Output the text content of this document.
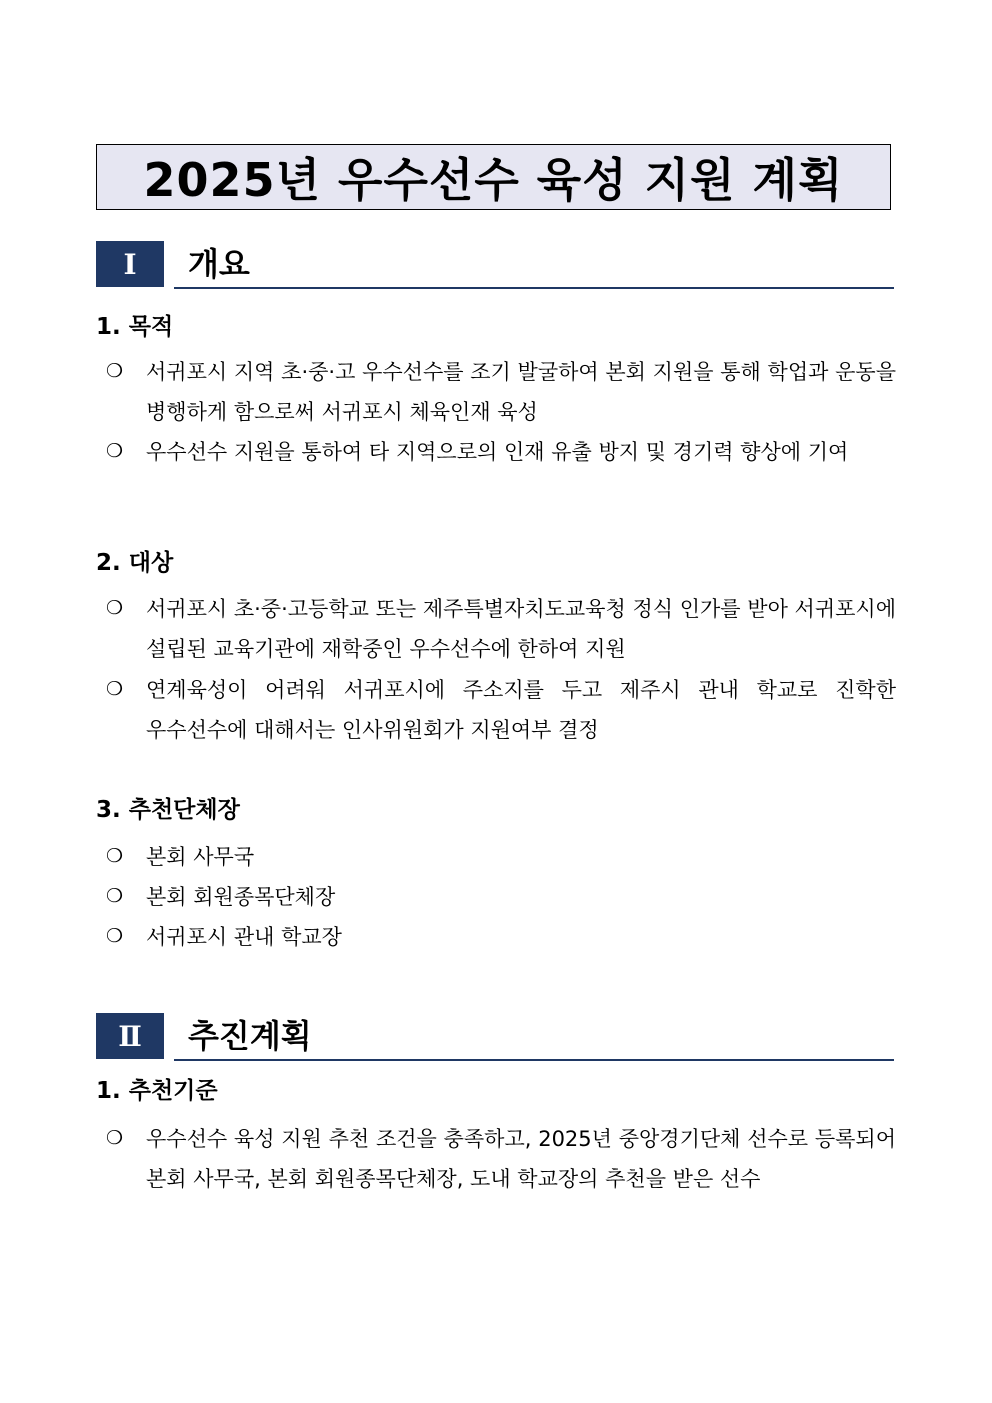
2025년 우수선수 육성 지원 계획
Ⅰ	개요
1. 목적
❍ 서귀포시 지역 초·중·고 우수선수를 조기 발굴하여 본회 지원을 통해 학업과 운동을 병행하게 함으로써 서귀포시 체육인재 육성
❍ 우수선수 지원을 통하여 타 지역으로의 인재 유출 방지 및 경기력 향상에 기여
2. 대상
❍ 서귀포시 초·중·고등학교 또는 제주특별자치도교육청 정식 인가를 받아 서귀포시에 설립된 교육기관에 재학중인 우수선수에 한하여 지원
❍ 연계육성이 어려워 서귀포시에 주소지를 두고 제주시 관내 학교로 진학한 우수선수에 대해서는 인사위원회가 지원여부 결정
3. 추천단체장
❍ 본회 사무국
❍ 본회 회원종목단체장
❍ 서귀포시 관내 학교장
Ⅱ	추진계획
1. 추천기준
❍ 우수선수 육성 지원 추천 조건을 충족하고, 2025년 중앙경기단체 선수로 등록되어 본회 사무국, 본회 회원종목단체장, 도내 학교장의 추천을 받은 선수
